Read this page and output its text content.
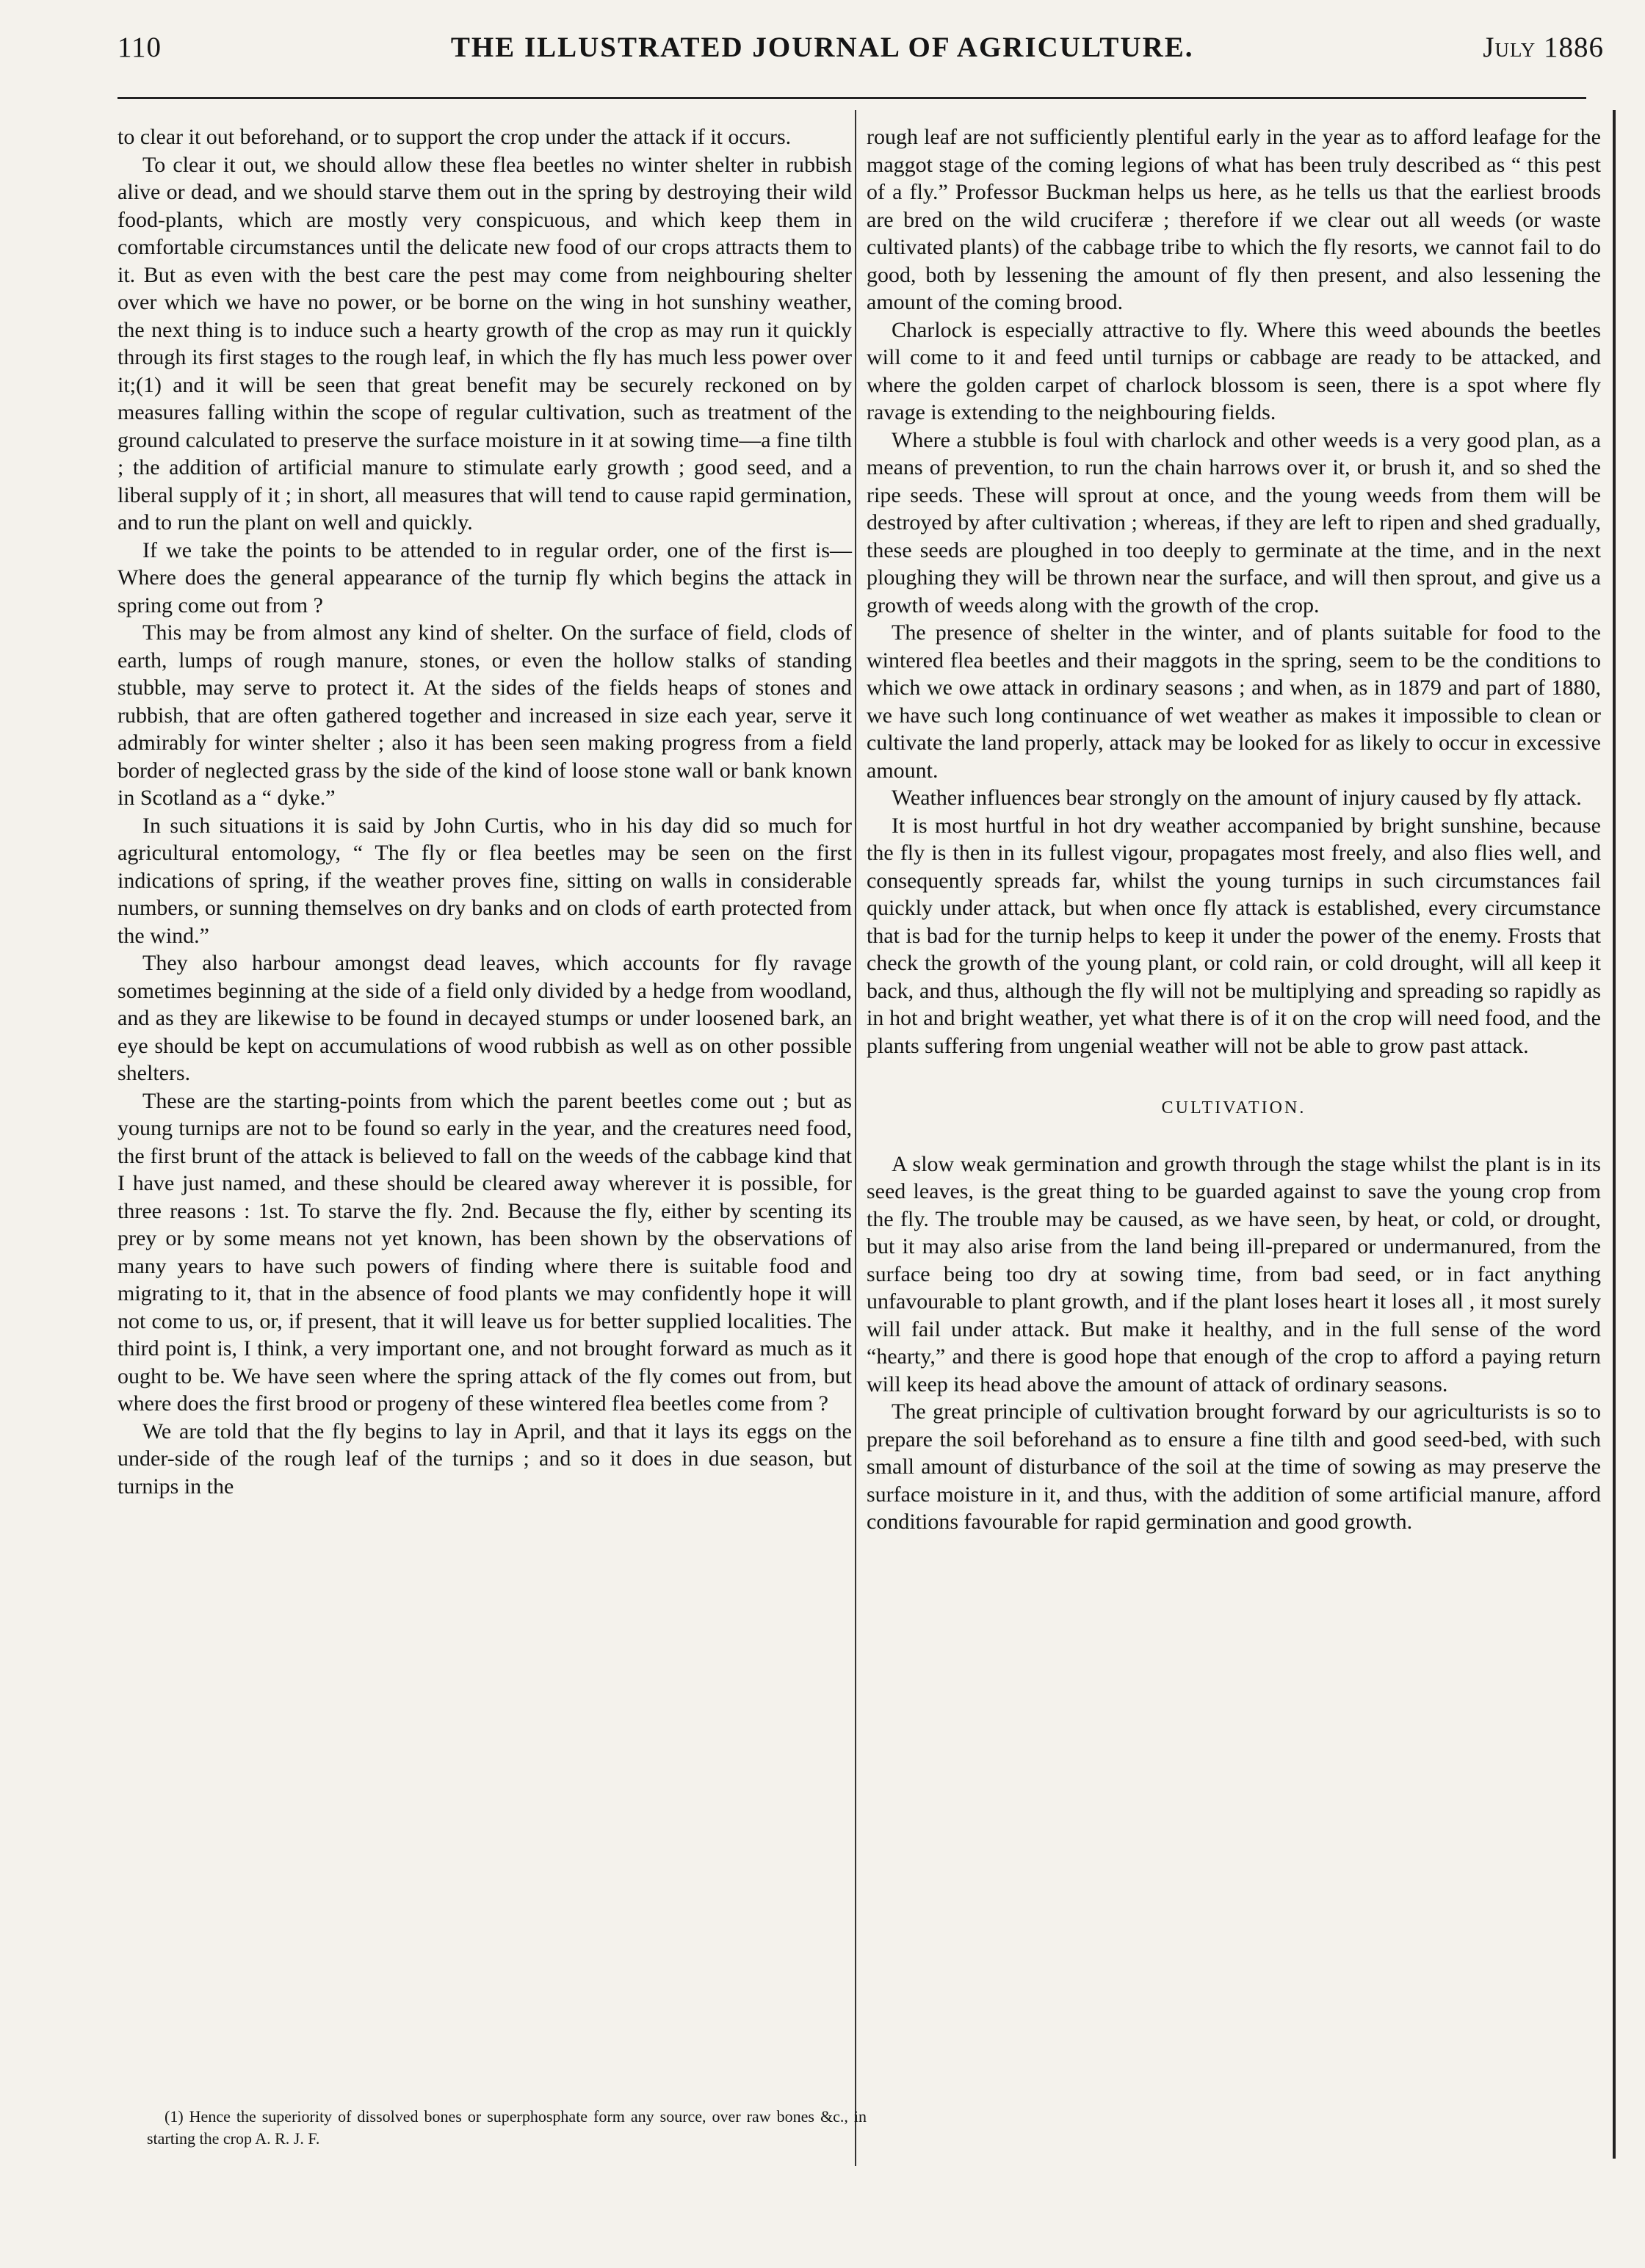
110	THE ILLUSTRATED JOURNAL OF AGRICULTURE.	July 1886

to clear it out beforehand, or to support the crop under the attack if it occurs.

To clear it out, we should allow these flea beetles no winter shelter in rubbish alive or dead, and we should starve them out in the spring by destroying their wild food-plants, which are mostly very conspicuous, and which keep them in comfortable circumstances until the delicate new food of our crops attracts them to it. But as even with the best care the pest may come from neighbouring shelter over which we have no power, or be borne on the wing in hot sunshiny weather, the next thing is to induce such a hearty growth of the crop as may run it quickly through its first stages to the rough leaf, in which the fly has much less power over it;(1) and it will be seen that great benefit may be securely reckoned on by measures falling within the scope of regular cultivation, such as treatment of the ground calculated to preserve the surface moisture in it at sowing time—a fine tilth ; the addition of artificial manure to stimulate early growth ; good seed, and a liberal supply of it ; in short, all measures that will tend to cause rapid germination, and to run the plant on well and quickly.

If we take the points to be attended to in regular order, one of the first is—Where does the general appearance of the turnip fly which begins the attack in spring come out from ?

This may be from almost any kind of shelter. On the surface of field, clods of earth, lumps of rough manure, stones, or even the hollow stalks of standing stubble, may serve to protect it. At the sides of the fields heaps of stones and rubbish, that are often gathered together and increased in size each year, serve it admirably for winter shelter ; also it has been seen making progress from a field border of neglected grass by the side of the kind of loose stone wall or bank known in Scotland as a “ dyke.”

In such situations it is said by John Curtis, who in his day did so much for agricultural entomology, “ The fly or flea beetles may be seen on the first indications of spring, if the weather proves fine, sitting on walls in considerable numbers, or sunning themselves on dry banks and on clods of earth protected from the wind.”

They also harbour amongst dead leaves, which accounts for fly ravage sometimes beginning at the side of a field only divided by a hedge from woodland, and as they are likewise to be found in decayed stumps or under loosened bark, an eye should be kept on accumulations of wood rubbish as well as on other possible shelters.

These are the starting-points from which the parent beetles come out ; but as young turnips are not to be found so early in the year, and the creatures need food, the first brunt of the attack is believed to fall on the weeds of the cabbage kind that I have just named, and these should be cleared away wherever it is possible, for three reasons : 1st. To starve the fly. 2nd. Because the fly, either by scenting its prey or by some means not yet known, has been shown by the observations of many years to have such powers of finding where there is suitable food and migrating to it, that in the absence of food plants we may confidently hope it will not come to us, or, if present, that it will leave us for better supplied localities. The third point is, I think, a very important one, and not brought forward as much as it ought to be. We have seen where the spring attack of the fly comes out from, but where does the first brood or progeny of these wintered flea beetles come from ?

We are told that the fly begins to lay in April, and that it lays its eggs on the under-side of the rough leaf of the turnips ; and so it does in due season, but turnips in the

rough leaf are not sufficiently plentiful early in the year as to afford leafage for the maggot stage of the coming legions of what has been truly described as “ this pest of a fly.” Professor Buckman helps us here, as he tells us that the earliest broods are bred on the wild cruciferæ ; therefore if we clear out all weeds (or waste cultivated plants) of the cabbage tribe to which the fly resorts, we cannot fail to do good, both by lessening the amount of fly then present, and also lessening the amount of the coming brood.

Charlock is especially attractive to fly. Where this weed abounds the beetles will come to it and feed until turnips or cabbage are ready to be attacked, and where the golden carpet of charlock blossom is seen, there is a spot where fly ravage is extending to the neighbouring fields.

Where a stubble is foul with charlock and other weeds is a very good plan, as a means of prevention, to run the chain harrows over it, or brush it, and so shed the ripe seeds. These will sprout at once, and the young weeds from them will be destroyed by after cultivation ; whereas, if they are left to ripen and shed gradually, these seeds are ploughed in too deeply to germinate at the time, and in the next ploughing they will be thrown near the surface, and will then sprout, and give us a growth of weeds along with the growth of the crop.

The presence of shelter in the winter, and of plants suitable for food to the wintered flea beetles and their maggots in the spring, seem to be the conditions to which we owe attack in ordinary seasons ; and when, as in 1879 and part of 1880, we have such long continuance of wet weather as makes it impossible to clean or cultivate the land properly, attack may be looked for as likely to occur in excessive amount.

Weather influences bear strongly on the amount of injury caused by fly attack.

It is most hurtful in hot dry weather accompanied by bright sunshine, because the fly is then in its fullest vigour, propagates most freely, and also flies well, and consequently spreads far, whilst the young turnips in such circumstances fail quickly under attack, but when once fly attack is established, every circumstance that is bad for the turnip helps to keep it under the power of the enemy. Frosts that check the growth of the young plant, or cold rain, or cold drought, will all keep it back, and thus, although the fly will not be multiplying and spreading so rapidly as in hot and bright weather, yet what there is of it on the crop will need food, and the plants suffering from ungenial weather will not be able to grow past attack.

CULTIVATION.

A slow weak germination and growth through the stage whilst the plant is in its seed leaves, is the great thing to be guarded against to save the young crop from the fly. The trouble may be caused, as we have seen, by heat, or cold, or drought, but it may also arise from the land being ill-prepared or undermanured, from the surface being too dry at sowing time, from bad seed, or in fact anything unfavourable to plant growth, and if the plant loses heart it loses all , it most surely will fail under attack. But make it healthy, and in the full sense of the word “hearty,” and there is good hope that enough of the crop to afford a paying return will keep its head above the amount of attack of ordinary seasons.

The great principle of cultivation brought forward by our agriculturists is so to prepare the soil beforehand as to ensure a fine tilth and good seed-bed, with such small amount of disturbance of the soil at the time of sowing as may preserve the surface moisture in it, and thus, with the addition of some artificial manure, afford conditions favourable for rapid germination and good growth.

(1) Hence the superiority of dissolved bones or superphosphate form any source, over raw bones &c., in starting the crop A. R. J. F.
